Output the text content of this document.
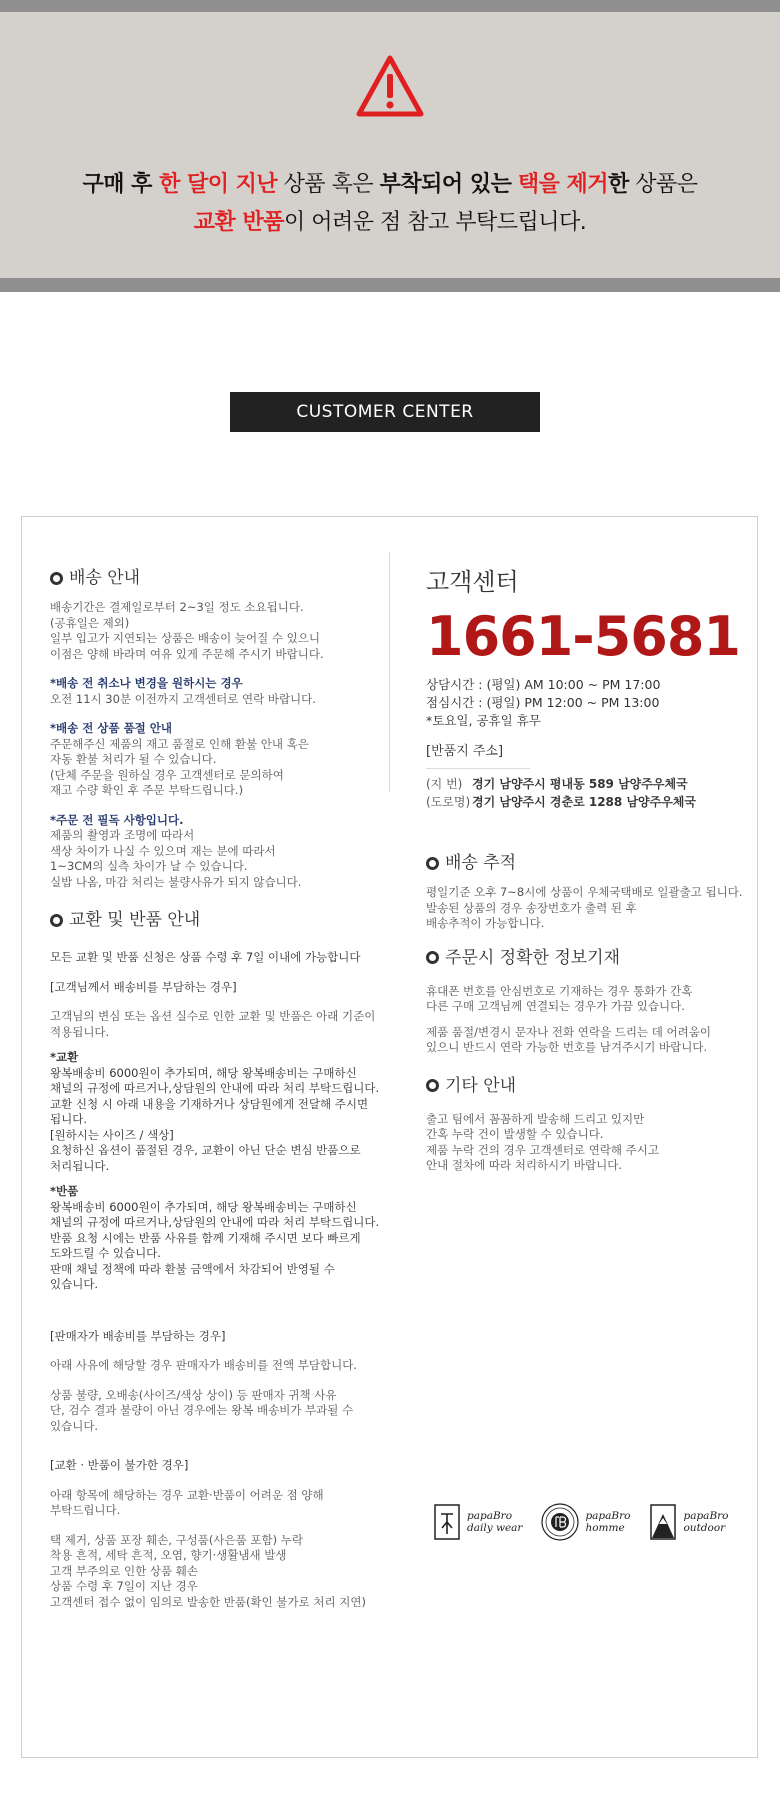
구매 후 한 달이 지난 상품 혹은 부착되어 있는 택을 제거한 상품은
교환 반품이 어려운 점 참고 부탁드립니다.
CUSTOMER CENTER
배송 안내
배송기간은 결제일로부터 2~3일 정도 소요됩니다.
(공휴일은 제외)
일부 입고가 지연되는 상품은 배송이 늦어질 수 있으니
이점은 양해 바라며 여유 있게 주문해 주시기 바랍니다.

*배송 전 취소나 변경을 원하시는 경우

오전 11시 30분 이전까지 고객센터로 연락 바랍니다.

*배송 전 상품 품절 안내

주문해주신 제품의 재고 품절로 인해 환불 안내 혹은
자동 환불 처리가 될 수 있습니다.
(단체 주문을 원하실 경우 고객센터로 문의하여
재고 수량 확인 후 주문 부탁드립니다.)

*주문 전 필독 사항입니다.

제품의 촬영과 조명에 따라서
색상 차이가 나실 수 있으며 재는 분에 따라서
1~3CM의 실측 차이가 날 수 있습니다.
실밥 나옴, 마감 처리는 불량사유가 되지 않습니다.
교환 및 반품 안내

모든 교환 및 반품 신청은 상품 수령 후 7일 이내에 가능합니다

[고객님께서 배송비를 부담하는 경우]

고객님의 변심 또는 옵션 실수로 인한 교환 및 반품은 아래 기준이
적용됩니다.

*교환

왕복배송비 6000원이 추가되며, 해당 왕복배송비는 구매하신
채널의 규정에 따르거나,상담원의 안내에 따라 처리 부탁드립니다.
교환 신청 시 아래 내용을 기재하거나 상담원에게 전달해 주시면
됩니다.

[원하시는 사이즈 / 색상]

요청하신 옵션이 품절된 경우, 교환이 아닌 단순 변심 반품으로
처리됩니다.

*반품

왕복배송비 6000원이 추가되며, 해당 왕복배송비는 구매하신
채널의 규정에 따르거나,상담원의 안내에 따라 처리 부탁드립니다.
반품 요청 시에는 반품 사유를 함께 기재해 주시면 보다 빠르게
도와드릴 수 있습니다.
판매 채널 정책에 따라 환불 금액에서 차감되어 반영될 수
있습니다.

[판매자가 배송비를 부담하는 경우]

아래 사유에 해당할 경우 판매자가 배송비를 전액 부담합니다.
상품 불량, 오배송(사이즈/색상 상이) 등 판매자 귀책 사유
단, 검수 결과 불량이 아닌 경우에는 왕복 배송비가 부과될 수
있습니다.

[교환 · 반품이 불가한 경우]

아래 항목에 해당하는 경우 교환·반품이 어려운 점 양해
부탁드립니다.
택 제거, 상품 포장 훼손, 구성품(사은품 포함) 누락
착용 흔적, 세탁 흔적, 오염, 향기·생활냄새 발생
고객 부주의로 인한 상품 훼손
상품 수령 후 7일이 지난 경우
고객센터 접수 없이 임의로 발송한 반품(확인 불가로 처리 지연)
고객센터
1661-5681
상담시간 : (평일) AM 10:00 ~ PM 17:00
점심시간 : (평일) PM 12:00 ~ PM 13:00
*토요일, 공휴일 휴무
[반품지 주소]
(지 번) 경기 남양주시 평내동 589 남양주우체국
(도로명) 경기 남양주시 경춘로 1288 남양주우체국
배송 추적
평일기준 오후 7~8시에 상품이 우체국택배로 일괄출고 됩니다.
발송된 상품의 경우 송장번호가 출력 된 후
배송추적이 가능합니다.
주문시 정확한 정보기재
휴대폰 번호를 안심번호로 기재하는 경우 통화가 간혹
다른 구매 고객님께 연결되는 경우가 가끔 있습니다.
제품 품절/변경시 문자나 전화 연락을 드리는 데 어려움이
있으니 반드시 연락 가능한 번호를 남겨주시기 바랍니다.
기타 안내
출고 팀에서 꼼꼼하게 발송해 드리고 있지만
간혹 누락 건이 발생할 수 있습니다.
제품 누락 건의 경우 고객센터로 연락해 주시고
안내 절차에 따라 처리하시기 바랍니다.
papaBro
daily wear
papaBro
homme
papaBro
outdoor
